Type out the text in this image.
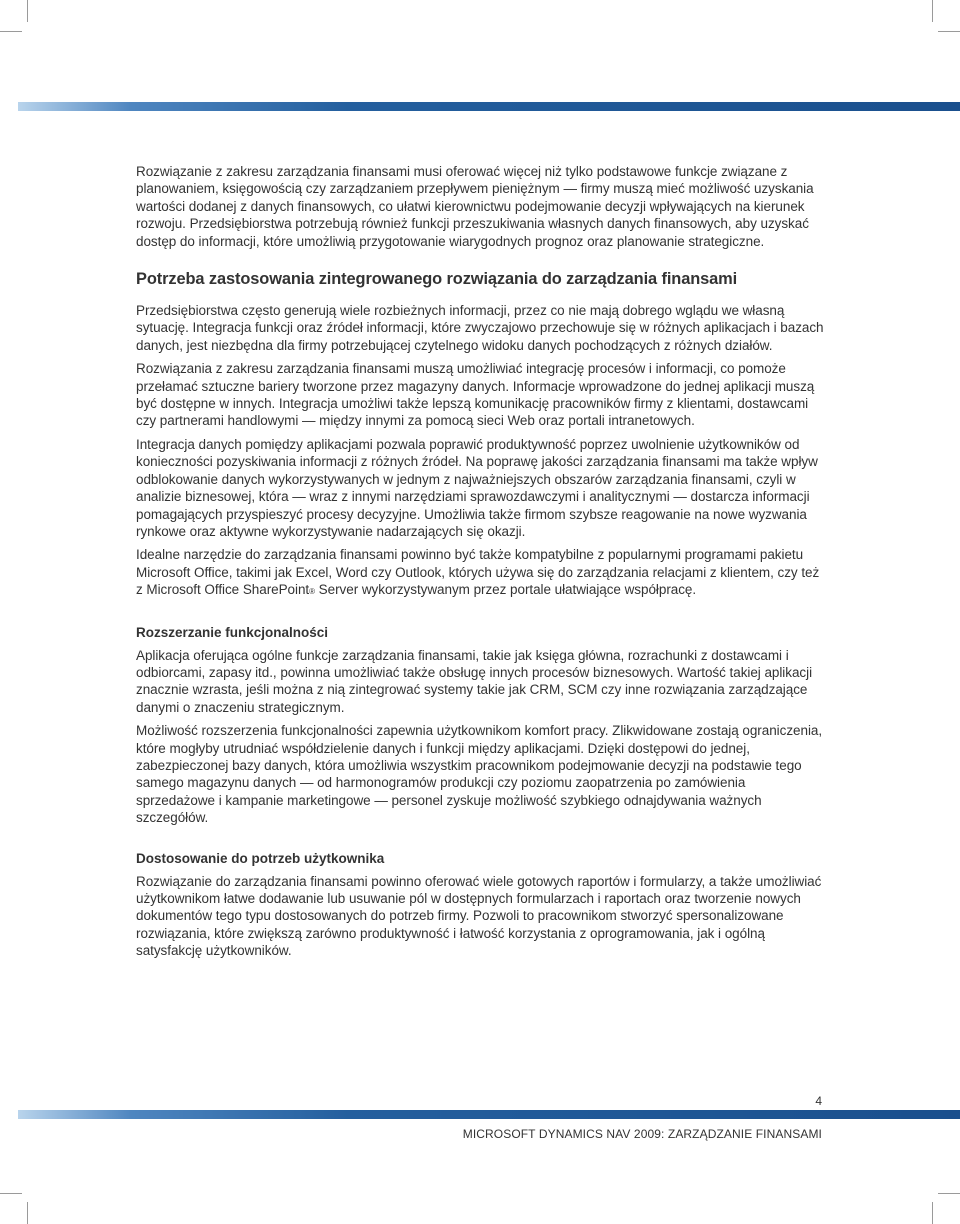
Rozwiązanie z zakresu zarządzania finansami musi oferować więcej niż tylko podstawowe funkcje związane z planowaniem, księgowością czy zarządzaniem przepływem pieniężnym — firmy muszą mieć możliwość uzyskania wartości dodanej z danych finansowych, co ułatwi kierownictwu podejmowanie decyzji wpływających na kierunek rozwoju. Przedsiębiorstwa potrzebują również funkcji przeszukiwania własnych danych finansowych, aby uzyskać dostęp do informacji, które umożliwią przygotowanie wiarygodnych prognoz oraz planowanie strategiczne.

Potrzeba zastosowania zintegrowanego rozwiązania do zarządzania finansami

Przedsiębiorstwa często generują wiele rozbieżnych informacji, przez co nie mają dobrego wglądu we własną sytuację. Integracja funkcji oraz źródeł informacji, które zwyczajowo przechowuje się w różnych aplikacjach i bazach danych, jest niezbędna dla firmy potrzebującej czytelnego widoku danych pochodzących z różnych działów.

Rozwiązania z zakresu zarządzania finansami muszą umożliwiać integrację procesów i informacji, co pomoże przełamać sztuczne bariery tworzone przez magazyny danych. Informacje wprowadzone do jednej aplikacji muszą być dostępne w innych. Integracja umożliwi także lepszą komunikację pracowników firmy z klientami, dostawcami czy partnerami handlowymi — między innymi za pomocą sieci Web oraz portali intranetowych.

Integracja danych pomiędzy aplikacjami pozwala poprawić produktywność poprzez uwolnienie użytkowników od konieczności pozyskiwania informacji z różnych źródeł. Na poprawę jakości zarządzania finansami ma także wpływ odblokowanie danych wykorzystywanych w jednym z najważniejszych obszarów zarządzania finansami, czyli w analizie biznesowej, która — wraz z innymi narzędziami sprawozdawczymi i analitycznymi — dostarcza informacji pomagających przyspieszyć procesy decyzyjne. Umożliwia także firmom szybsze reagowanie na nowe wyzwania rynkowe oraz aktywne wykorzystywanie nadarzających się okazji.

Idealne narzędzie do zarządzania finansami powinno być także kompatybilne z popularnymi programami pakietu Microsoft Office, takimi jak Excel, Word czy Outlook, których używa się do zarządzania relacjami z klientem, czy też z Microsoft Office SharePoint® Server wykorzystywanym przez portale ułatwiające współpracę.

Rozszerzanie funkcjonalności

Aplikacja oferująca ogólne funkcje zarządzania finansami, takie jak księga główna, rozrachunki z dostawcami i odbiorcami, zapasy itd., powinna umożliwiać także obsługę innych procesów biznesowych. Wartość takiej aplikacji znacznie wzrasta, jeśli można z nią zintegrować systemy takie jak CRM, SCM czy inne rozwiązania zarządzające danymi o znaczeniu strategicznym.

Możliwość rozszerzenia funkcjonalności zapewnia użytkownikom komfort pracy. Zlikwidowane zostają ograniczenia, które mogłyby utrudniać współdzielenie danych i funkcji między aplikacjami. Dzięki dostępowi do jednej, zabezpieczonej bazy danych, która umożliwia wszystkim pracownikom podejmowanie decyzji na podstawie tego samego magazynu danych — od harmonogramów produkcji czy poziomu zaopatrzenia po zamówienia sprzedażowe i kampanie marketingowe — personel zyskuje możliwość szybkiego odnajdywania ważnych szczegółów.

Dostosowanie do potrzeb użytkownika

Rozwiązanie do zarządzania finansami powinno oferować wiele gotowych raportów i formularzy, a także umożliwiać użytkownikom łatwe dodawanie lub usuwanie pól w dostępnych formularzach i raportach oraz tworzenie nowych dokumentów tego typu dostosowanych do potrzeb firmy. Pozwoli to pracownikom stworzyć spersonalizowane rozwiązania, które zwiększą zarówno produktywność i łatwość korzystania z oprogramowania, jak i ogólną satysfakcję użytkowników.

4
MICROSOFT DYNAMICS NAV 2009: ZARZĄDZANIE FINANSAMI
